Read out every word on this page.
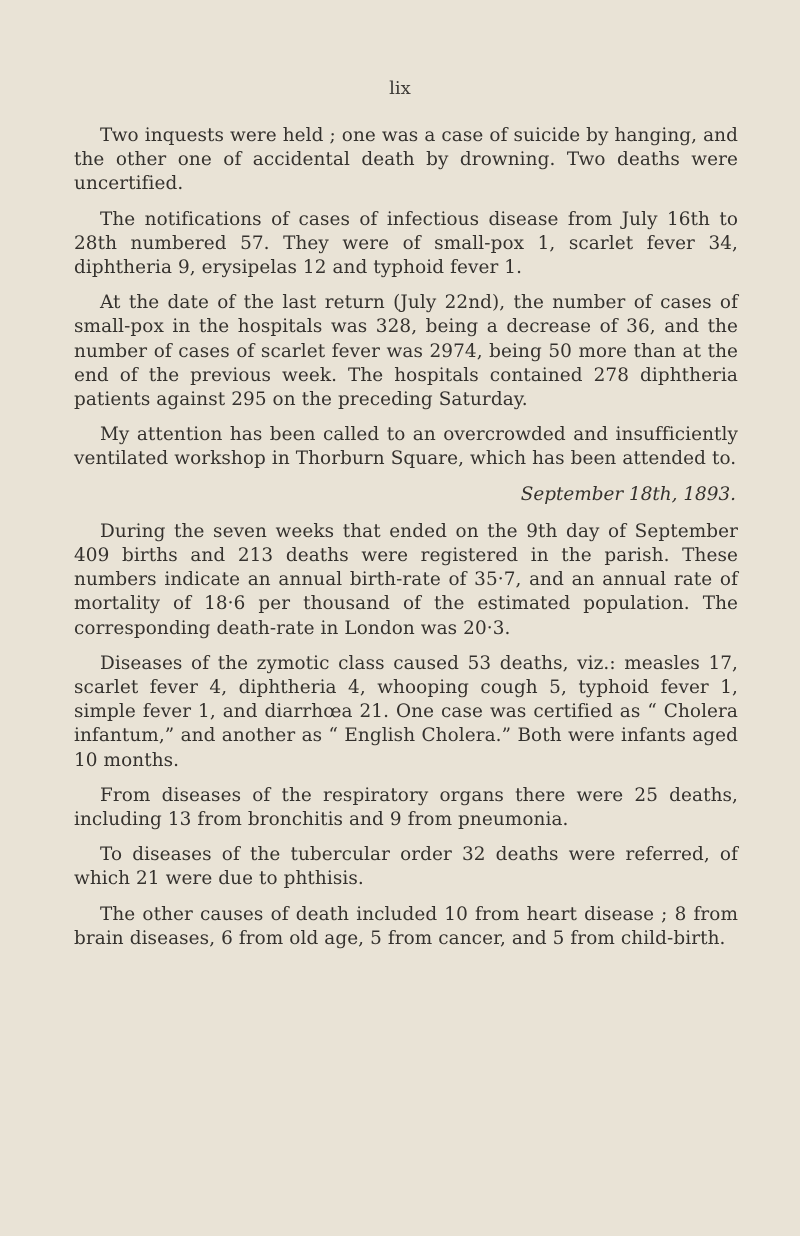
lix

Two inquests were held ; one was a case of suicide by hanging, and the other one of accidental death by drowning. Two deaths were uncertified.

The notifications of cases of infectious disease from July 16th to 28th numbered 57. They were of small-pox 1, scarlet fever 34, diphtheria 9, erysipelas 12 and typhoid fever 1.

At the date of the last return (July 22nd), the number of cases of small-pox in the hospitals was 328, being a decrease of 36, and the number of cases of scarlet fever was 2974, being 50 more than at the end of the previous week. The hospitals contained 278 diphtheria patients against 295 on the preceding Saturday.

My attention has been called to an overcrowded and insufficiently ventilated workshop in Thorburn Square, which has been attended to.

September 18th, 1893.

During the seven weeks that ended on the 9th day of September 409 births and 213 deaths were registered in the parish. These numbers indicate an annual birth-rate of 35·7, and an annual rate of mortality of 18·6 per thousand of the estimated population. The corresponding death-rate in London was 20·3.

Diseases of the zymotic class caused 53 deaths, viz.: measles 17, scarlet fever 4, diphtheria 4, whooping cough 5, typhoid fever 1, simple fever 1, and diarrhœa 21. One case was certified as “ Cholera infantum,” and another as “ English Cholera.” Both were infants aged 10 months.

From diseases of the respiratory organs there were 25 deaths, including 13 from bronchitis and 9 from pneumonia.

To diseases of the tubercular order 32 deaths were referred, of which 21 were due to phthisis.

The other causes of death included 10 from heart disease ; 8 from brain diseases, 6 from old age, 5 from cancer, and 5 from child-birth.
